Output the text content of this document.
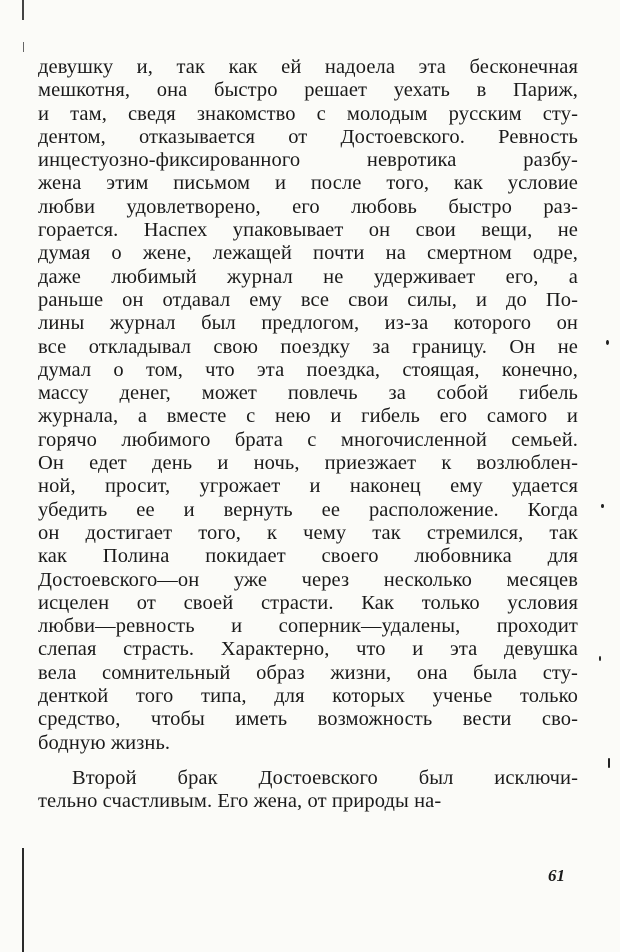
девушку и, так как ей надоела эта бесконечная
мешкотня, она быстро решает уехать в Париж,
и там, сведя знакомство с молодым русским сту-
дентом, отказывается от Достоевского. Ревность
инцестуозно-фиксированного невротика разбу-
жена этим письмом и после того, как условие
любви удовлетворено, его любовь быстро раз-
горается. Наспех упаковывает он свои вещи, не
думая о жене, лежащей почти на смертном одре,
даже любимый журнал не удерживает его, а
раньше он отдавал ему все свои силы, и до По-
лины журнал был предлогом, из-за которого он
все откладывал свою поездку за границу. Он не
думал о том, что эта поездка, стоящая, конечно,
массу денег, может повлечь за собой гибель
журнала, а вместе с нею и гибель его самого и
горячо любимого брата с многочисленной семьей.
Он едет день и ночь, приезжает к возлюблен-
ной, просит, угрожает и наконец ему удается
убедить ее и вернуть ее расположение. Когда
он достигает того, к чему так стремился, так
как Полина покидает своего любовника для
Достоевского—он уже через несколько месяцев
исцелен от своей страсти. Как только условия
любви—ревность и соперник—удалены, проходит
слепая страсть. Характерно, что и эта девушка
вела сомнительный образ жизни, она была сту-
денткой того типа, для которых ученье только
средство, чтобы иметь возможность вести сво-
бодную жизнь.
Второй брак Достоевского был исключи-
тельно счастливым. Его жена, от природы на-
61
